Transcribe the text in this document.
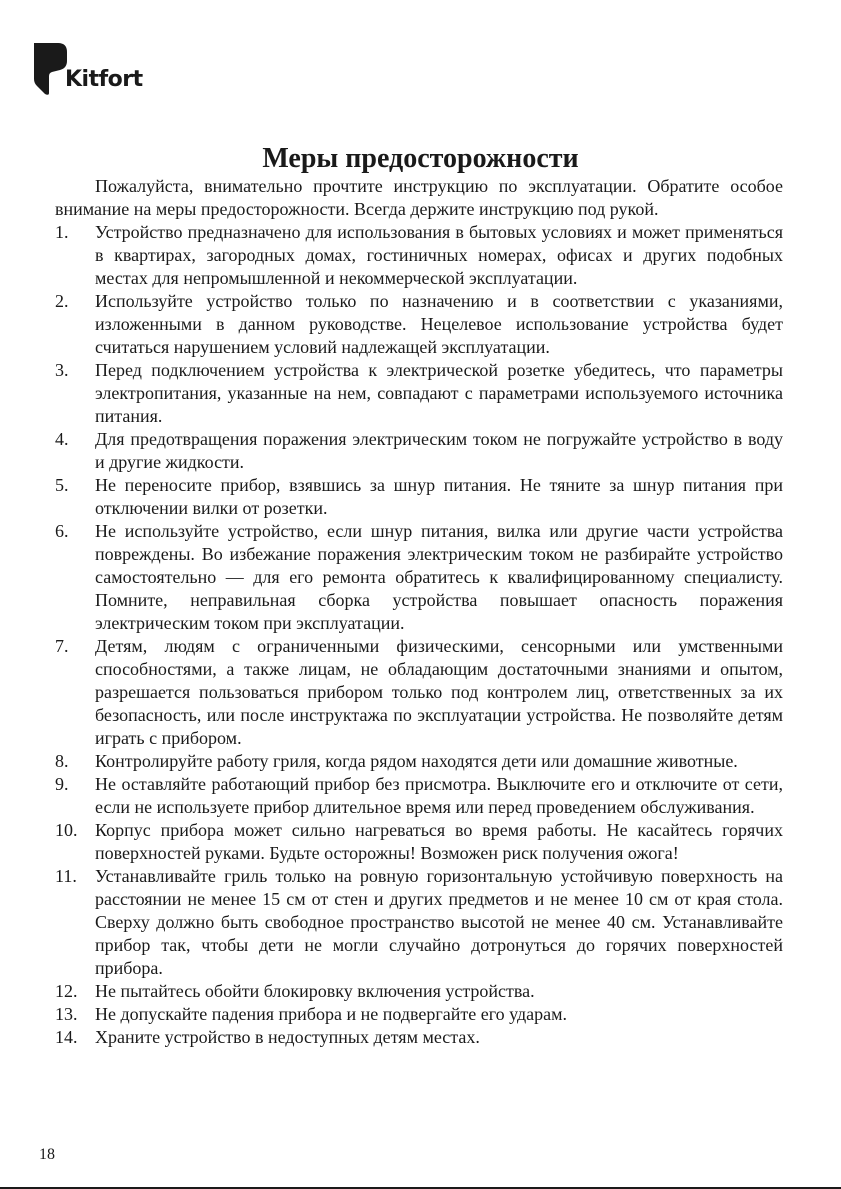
Kitfort
Меры предосторожности

Пожалуйста, внимательно прочтите инструкцию по эксплуатации. Обратите особое внимание на меры предосторожности. Всегда держите инструкцию под рукой.

1.	Устройство предназначено для использования в бытовых условиях и может применяться в квартирах, загородных домах, гостиничных номерах, офисах и других подобных местах для непромышленной и некоммерческой эксплуатации.
2.	Используйте устройство только по назначению и в соответствии с указаниями, изложенными в данном руководстве. Нецелевое использование устройства будет считаться нарушением условий надлежащей эксплуатации.
3.	Перед подключением устройства к электрической розетке убедитесь, что параметры электропитания, указанные на нем, совпадают с параметрами используемого источника питания.
4.	Для предотвращения поражения электрическим током не погружайте устройство в воду и другие жидкости.
5.	Не переносите прибор, взявшись за шнур питания. Не тяните за шнур питания при отключении вилки от розетки.
6.	Не используйте устройство, если шнур питания, вилка или другие части устройства повреждены. Во избежание поражения электрическим током не разбирайте устройство самостоятельно — для его ремонта обратитесь к квалифицированному специалисту. Помните, неправильная сборка устройства повышает опасность поражения электрическим током при эксплуатации.
7.	Детям, людям с ограниченными физическими, сенсорными или умственными способностями, а также лицам, не обладающим достаточными знаниями и опытом, разрешается пользоваться прибором только под контролем лиц, ответственных за их безопасность, или после инструктажа по эксплуатации устройства. Не позволяйте детям играть с прибором.
8.	Контролируйте работу гриля, когда рядом находятся дети или домашние животные.
9.	Не оставляйте работающий прибор без присмотра. Выключите его и отключите от сети, если не используете прибор длительное время или перед проведением обслуживания.
10. Корпус прибора может сильно нагреваться во время работы. Не касайтесь горячих поверхностей руками. Будьте осторожны! Возможен риск получения ожога!
11.	Устанавливайте гриль только на ровную горизонтальную устойчивую поверхность на расстоянии не менее 15 см от стен и других предметов и не менее 10 см от края стола. Сверху должно быть свободное пространство высотой не менее 40 см. Устанавливайте прибор так, чтобы дети не могли случайно дотронуться до горячих поверхностей прибора.
12. Не пытайтесь обойти блокировку включения устройства.
13. Не допускайте падения прибора и не подвергайте его ударам.
14. Храните устройство в недоступных детям местах.
18
